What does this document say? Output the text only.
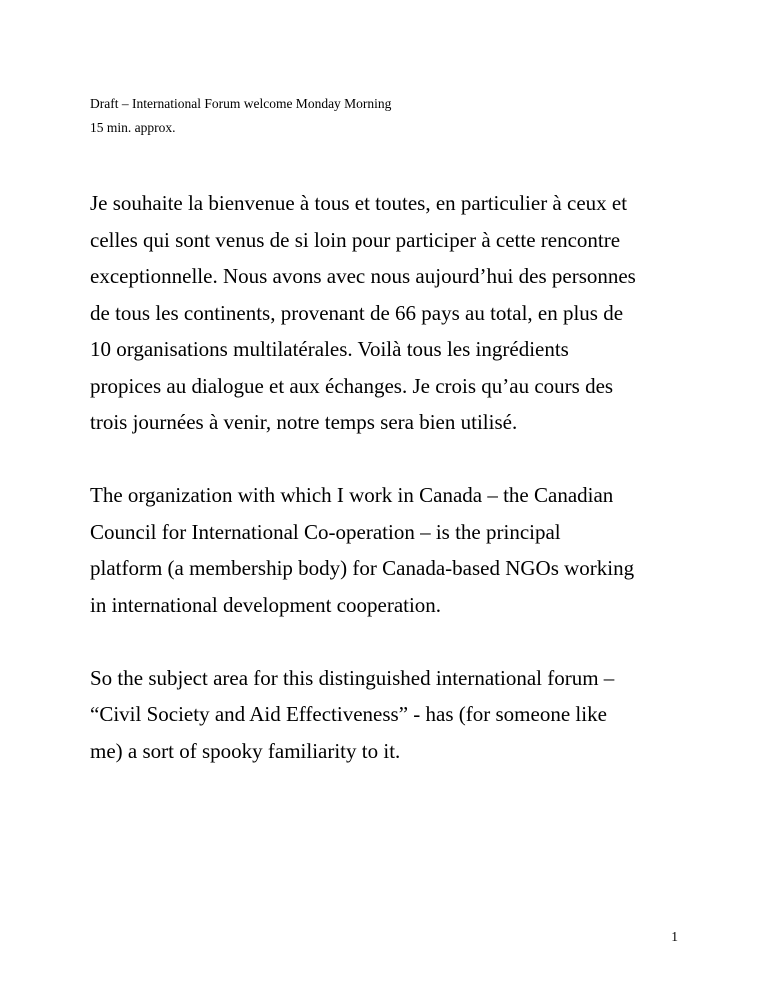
Draft – International Forum welcome Monday Morning
15 min. approx.

Je souhaite la bienvenue à tous et toutes, en particulier à ceux et
celles qui sont venus de si loin pour participer à cette rencontre
exceptionnelle. Nous avons avec nous aujourd’hui des personnes
de tous les continents, provenant de 66 pays au total, en plus de
10 organisations multilatérales. Voilà tous les ingrédients
propices au dialogue et aux échanges. Je crois qu’au cours des
trois journées à venir, notre temps sera bien utilisé.

The organization with which I work in Canada – the Canadian
Council for International Co-operation – is the principal
platform (a membership body) for Canada-based NGOs working
in international development cooperation.

So the subject area for this distinguished international forum –
“Civil Society and Aid Effectiveness” - has (for someone like
me) a sort of spooky familiarity to it.

1
